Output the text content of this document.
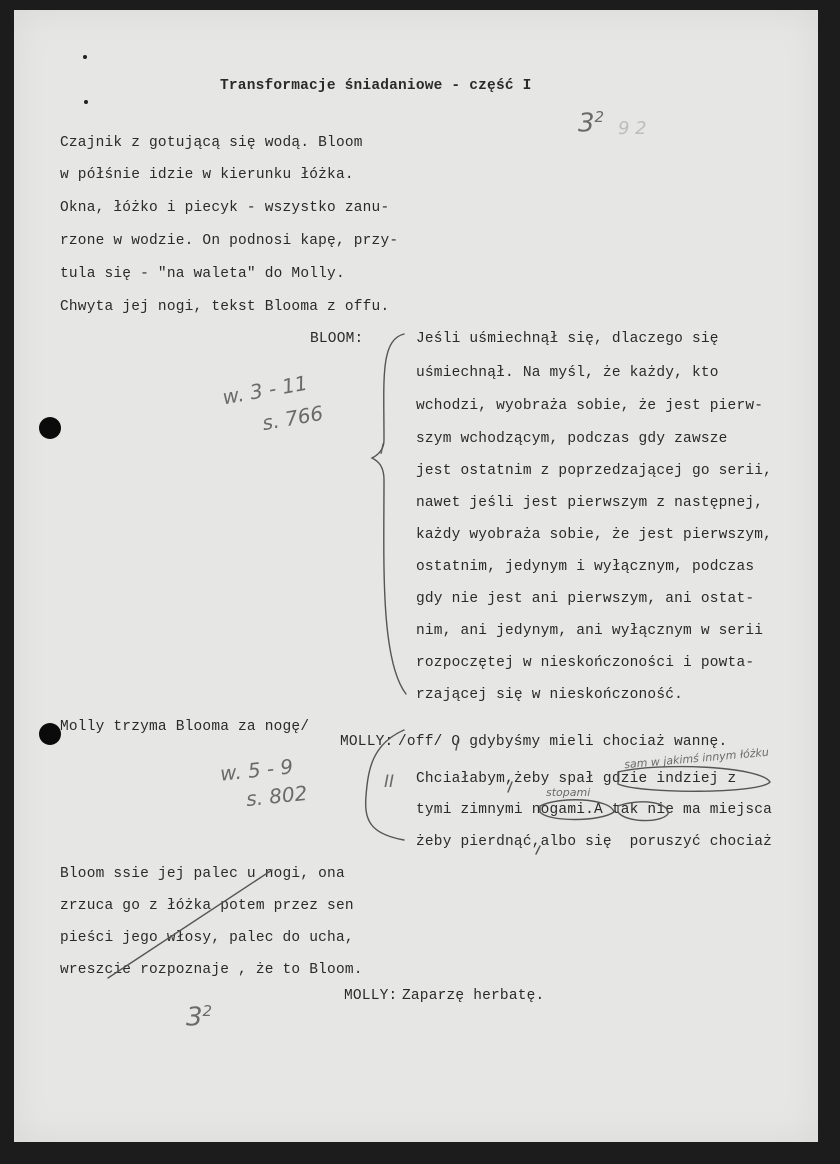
Transformacje śniadaniowe - część I

Czajnik z gotującą się wodą. Bloom

w półśnie idzie w kierunku łóżka.

Okna, łóżko i piecyk - wszystko zanu-

rzone w wodzie. On podnosi kapę, przy-

tula się - "na waleta" do Molly.

Chwyta jej nogi, tekst Blooma z offu.

BLOOM:	Jeśli uśmiechnął się, dlaczego się

uśmiechnął. Na myśl, że każdy, kto

wchodzi, wyobraża sobie, że jest pierw-

szym wchodzącym, podczas gdy zawsze

jest ostatnim z poprzedzającej go serii,

nawet jeśli jest pierwszym z następnej,

każdy wyobraża sobie, że jest pierwszym,

ostatnim, jedynym i wyłącznym, podczas

gdy nie jest ani pierwszym, ani ostat-

nim, ani jedynym, ani wyłącznym w serii

rozpoczętej w nieskończoności i powta-

rzającej się w nieskończoność.

Molly trzyma Blooma za nogę/

MOLLY: /off/ O gdybyśmy mieli chociaż wannę.

Chciałabym,żeby spał gdzie indziej z

tymi zimnymi nogami.A tak nie ma miejsca

żeby pierdnąć,albo się  poruszyć chociaż

Bloom ssie jej palec u nogi, ona

zrzuca go z łóżka potem przez sen

pieści jego włosy, palec do ucha,

wreszcie rozpoznaje , że to Bloom.

MOLLY: Zaparzę herbatę.

$3^2$

9 2

w. 3 - 11

s. 766

I

w. 5 - 9

s. 802	II

sam w jakimś innym łóżku

stopami

$3^2$
